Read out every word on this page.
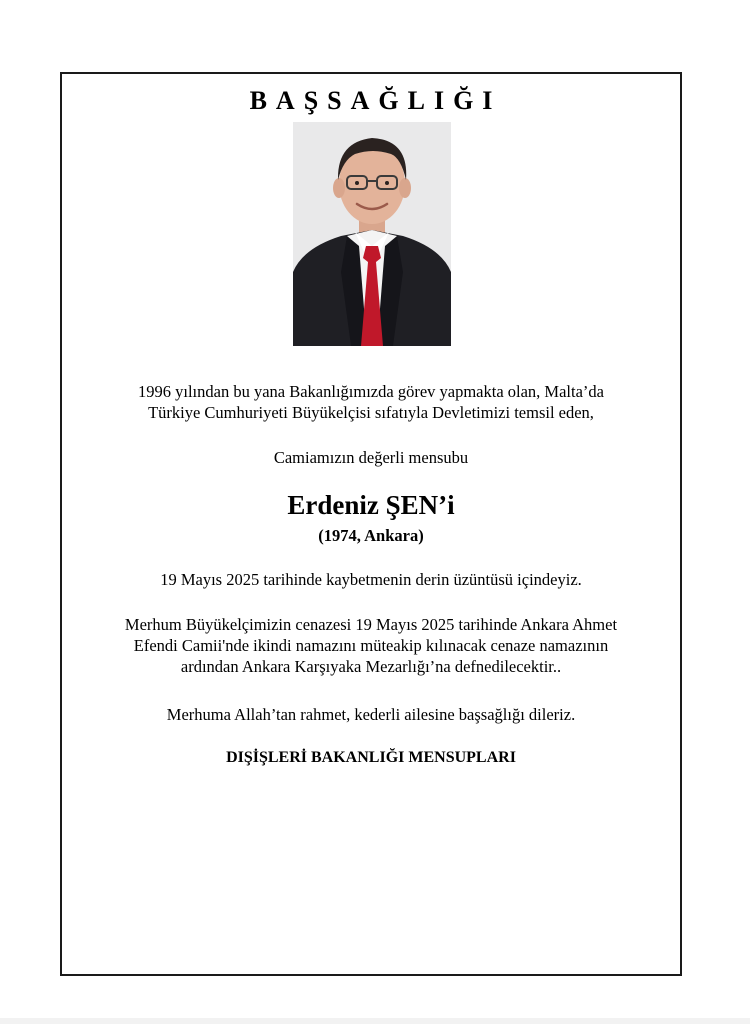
BAŞSAĞLIĞI
1996 yılından bu yana Bakanlığımızda görev yapmakta olan, Malta’da
Türkiye Cumhuriyeti Büyükelçisi sıfatıyla Devletimizi temsil eden,
Camiamızın değerli mensubu
Erdeniz ŞEN’i
(1974, Ankara)
19 Mayıs 2025 tarihinde kaybetmenin derin üzüntüsü içindeyiz.
Merhum Büyükelçimizin cenazesi 19 Mayıs 2025 tarihinde Ankara Ahmet
Efendi Camii'nde ikindi namazını müteakip kılınacak cenaze namazının
ardından Ankara Karşıyaka Mezarlığı’na defnedilecektir..
Merhuma Allah’tan rahmet, kederli ailesine başsağlığı dileriz.
DIŞİŞLERİ BAKANLIĞI MENSUPLARI
